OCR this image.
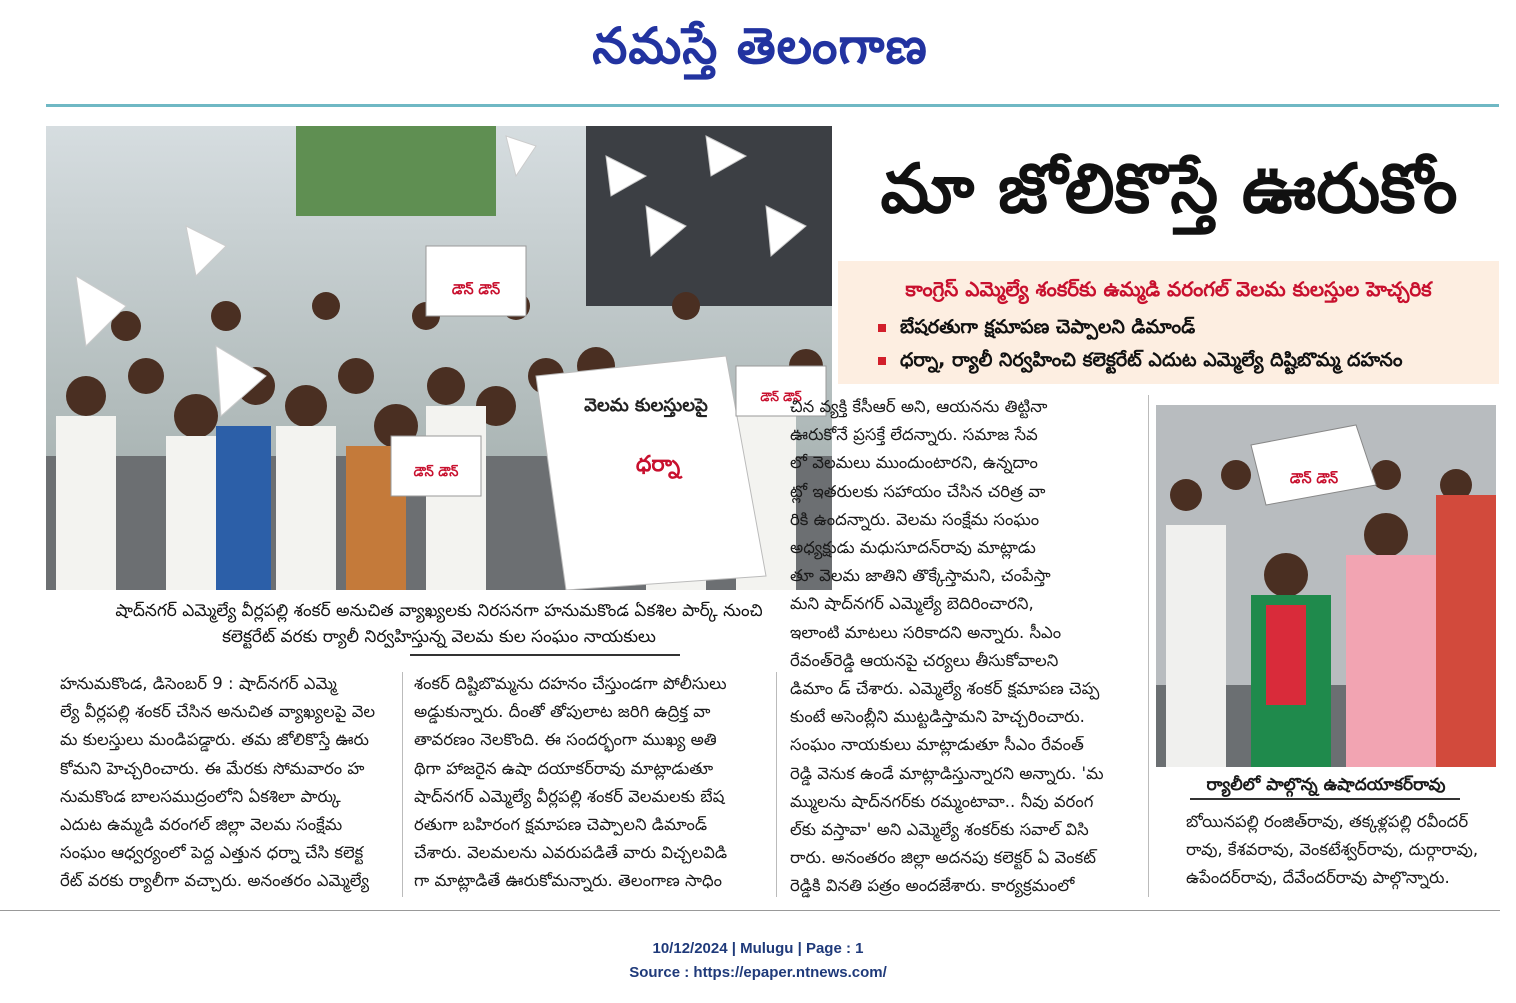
నమస్తే తెలంగాణ
డౌన్ డౌన్
డౌన్ డౌన్
డౌన్ డౌన్
వెలమ కులస్తులపై
ధర్నా
మా జోలికొస్తే ఊరుకోం
కాంగ్రెస్ ఎమ్మెల్యే శంకర్‌కు ఉమ్మడి వరంగల్ వెలమ కులస్తుల హెచ్చరిక
బేషరతుగా క్షమాపణ చెప్పాలని డిమాండ్
ధర్నా, ర్యాలీ నిర్వహించి కలెక్టరేట్ ఎదుట ఎమ్మెల్యే దిష్టిబొమ్మ దహనం
షాద్‌నగర్ ఎమ్మెల్యే వీర్లపల్లి శంకర్ అనుచిత వ్యాఖ్యలకు నిరసనగా హనుమకొండ ఏకశిల పార్క్ నుంచి
కలెక్టరేట్ వరకు ర్యాలీ నిర్వహిస్తున్న వెలమ కుల సంఘం నాయకులు
డౌన్ డౌన్
ర్యాలీలో పాల్గొన్న ఉషాదయాకర్‌రావు

హనుమకొండ, డిసెంబర్ 9 : షాద్‌నగర్ ఎమ్మె

ల్యే వీర్లపల్లి శంకర్ చేసిన అనుచిత వ్యాఖ్యలపై వెల

మ కులస్తులు మండిపడ్డారు. తమ జోలికొస్తే ఊరు

కోమని హెచ్చరించారు. ఈ మేరకు సోమవారం హ

నుమకొండ బాలసముద్రంలోని ఏకశిలా పార్కు

ఎదుట ఉమ్మడి వరంగల్ జిల్లా వెలమ సంక్షేమ

సంఘం ఆధ్వర్యంలో పెద్ద ఎత్తున ధర్నా చేసి కలెక్ట

రేట్ వరకు ర్యాలీగా వచ్చారు. అనంతరం ఎమ్మెల్యే

శంకర్ దిష్టిబొమ్మను దహనం చేస్తుండగా పోలీసులు

అడ్డుకున్నారు. దీంతో తోపులాట జరిగి ఉద్రిక్త వా

తావరణం నెలకొంది. ఈ సందర్భంగా ముఖ్య అతి

థిగా హాజరైన ఉషా దయాకర్‌రావు మాట్లాడుతూ

షాద్‌నగర్ ఎమ్మెల్యే వీర్లపల్లి శంకర్ వెలమలకు బేష

రతుగా బహిరంగ క్షమాపణ చెప్పాలని డిమాండ్

చేశారు. వెలమలను ఎవరుపడితే వారు విచ్చలవిడి

గా మాట్లాడితే ఊరుకోమన్నారు. తెలంగాణ సాధిం

చిన వ్యక్తి కేసీఆర్ అని, ఆయనను తిట్టినా

ఊరుకోనే ప్రసక్తే లేదన్నారు. సమాజ సేవ

లో వెలమలు ముందుంటారని, ఉన్నదాం

ట్లో ఇతరులకు సహాయం చేసిన చరిత్ర వా

రికి ఉందన్నారు. వెలమ సంక్షేమ సంఘం

అధ్యక్షుడు మధుసూదన్‌రావు మాట్లాడు

తూ వెలమ జాతిని తొక్కేస్తామని, చంపేస్తా

మని షాద్‌నగర్ ఎమ్మెల్యే బెదిరించారని,

ఇలాంటి మాటలు సరికాదని అన్నారు. సీఎం

రేవంత్‌రెడ్డి ఆయనపై చర్యలు తీసుకోవాలని

డిమాం డ్ చేశారు. ఎమ్మెల్యే శంకర్ క్షమాపణ చెప్ప

కుంటే అసెంబ్లీని ముట్టడిస్తామని హెచ్చరించారు.

సంఘం నాయకులు మాట్లాడుతూ సీఎం రేవంత్

రెడ్డి వెనుక ఉండే మాట్లాడిస్తున్నారని అన్నారు. 'మ

మ్ములను షాద్‌నగర్‌కు రమ్మంటావా.. నీవు వరంగ

ల్‌కు వస్తావా' అని ఎమ్మెల్యే శంకర్‌కు సవాల్ విసి

రారు. అనంతరం జిల్లా అదనపు కలెక్టర్ ఏ వెంకట్

రెడ్డికి వినతి పత్రం అందజేశారు. కార్యక్రమంలో

బోయినపల్లి రంజిత్‌రావు, తక్కళ్లపల్లి రవీందర్

రావు, కేశవరావు, వెంకటేశ్వర్‌రావు, దుర్గారావు,

ఉపేందర్‌రావు, దేవేందర్‌రావు పాల్గొన్నారు.

10/12/2024 | Mulugu | Page : 1
Source : https://epaper.ntnews.com/
